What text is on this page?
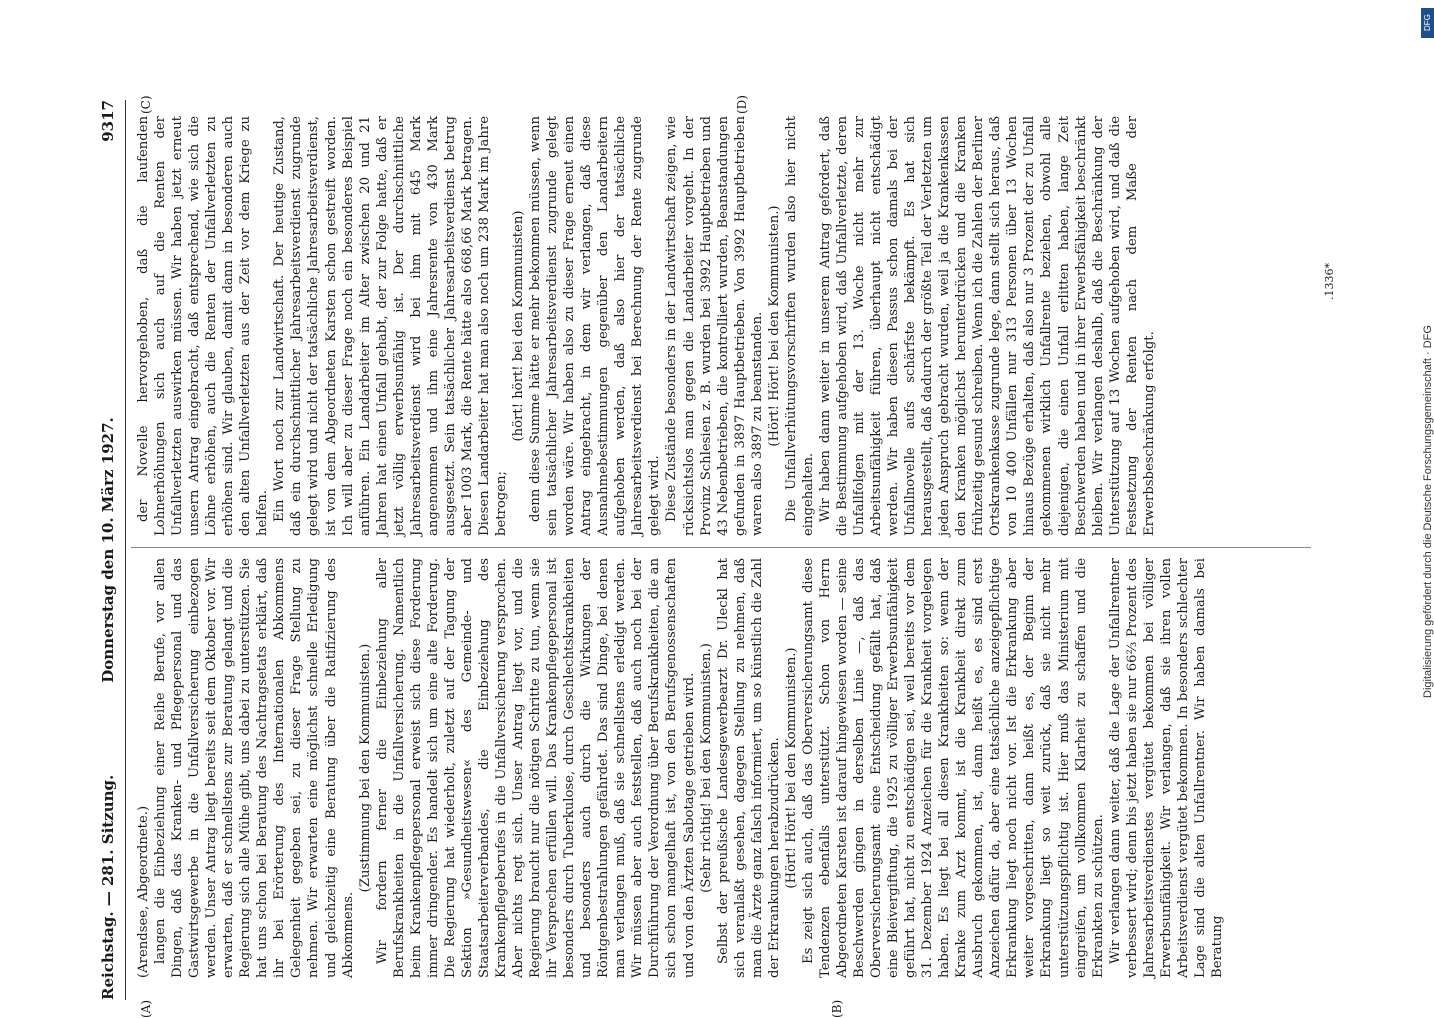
Reichstag. — 281. Sitzung.
Donnerstag den 10. März 1927.
9317
(A)	(B)
(C)	(D)

(Arendsee, Abgeordnete.) langen die Einbeziehung einer Reihe Berufe, vor allen Dingen, daß das Kranken- und Pflegepersonal und das Gastwirtsgewerbe in die Unfallversicherung einbezogen werden. Unser Antrag liegt bereits seit dem Oktober vor. Wir erwarten, daß er schnellstens zur Beratung gelangt und die Regierung sich alle Mühe gibt, uns dabei zu unterstützen. Sie hat uns schon bei Beratung des Nachtragsetats erklärt, daß ihr bei Erörterung des Internationalen Abkommens Gelegenheit gegeben sei, zu dieser Frage Stellung zu nehmen. Wir erwarten eine möglichst schnelle Erledigung und gleichzeitig eine Beratung über die Ratifizierung des Abkommens.

(Zustimmung bei den Kommunisten.) Wir fordern ferner die Einbeziehung aller Berufskrankheiten in die Unfallversicherung. Namentlich beim Krankenpflegepersonal erweist sich diese Forderung immer dringender. Es handelt sich um eine alte Forderung. Die Regierung hat wiederholt, zuletzt auf der Tagung der Sektion »Gesundheitswesen« des Gemeinde- und Staatsarbeiterverbandes, die Einbeziehung des Krankenpflegeberufes in die Unfallversicherung versprochen. Aber nichts regt sich. Unser Antrag liegt vor, und die Regierung braucht nur die nötigen Schritte zu tun, wenn sie ihr Versprechen erfüllen will. Das Krankenpflegepersonal ist besonders durch Tuberkulose, durch Geschlechtskrankheiten und besonders auch durch die Wirkungen der Röntgenbestrahlungen gefährdet. Das sind Dinge, bei denen man verlangen muß, daß sie schnellstens erledigt werden. Wir müssen aber auch feststellen, daß auch noch bei der Durchführung der Verordnung über Berufskrankheiten, die an sich schon mangelhaft ist, von den Berufsgenossenschaften und von den Ärzten Sabotage getrieben wird. (Sehr richtig! bei den Kommunisten.) Selbst der preußische Landesgewerbearzt Dr. Uleckl hat sich veranlaßt gesehen, dagegen Stellung zu nehmen, daß man die Ärzte ganz falsch informiert, um so künstlich die Zahl der Erkrankungen herabzudrücken. (Hört! Hört! bei den Kommunisten.) Es zeigt sich auch, daß das Oberversicherungsamt diese Tendenzen ebenfalls unterstützt. Schon von Herrn Abgeordneten Karsten ist darauf hingewiesen worden — seine Beschwerden gingen in derselben Linie —, daß das Oberversicherungsamt eine Entscheidung gefällt hat, daß eine Bleivergiftung, die 1925 zu völliger Erwerbsunfähigkeit geführt hat, nicht zu entschädigen sei, weil bereits vor dem 31. Dezember 1924 Anzeichen für die Krankheit vorgelegen haben. Es liegt bei all diesen Krankheiten so: wenn der Kranke zum Arzt kommt, ist die Krankheit direkt zum Ausbruch gekommen, ist, dann heißt es, es sind erst Anzeichen dafür da, aber eine tatsächliche anzeigepflichtige Erkrankung liegt noch nicht vor. Ist die Erkrankung aber weiter vorgeschritten, dann heißt es, der Beginn der Erkrankung liegt so weit zurück, daß sie nicht mehr unterstützungspflichtig ist. Hier muß das Ministerium mit eingreifen, um vollkommen Klarheit zu schaffen und die Erkrankten zu schützen. Wir verlangen dann weiter, daß die Lage der Unfallrentner verbessert wird; denn bis jetzt haben sie nur 66⅔ Prozent des Jahresarbeitsverdienstes vergütet bekommen bei völliger Erwerbsunfähigkeit. Wir verlangen, daß sie ihren vollen Arbeitsverdienst vergütet bekommen. In besonders schlechter Lage sind die alten Unfallrentner. Wir haben damals bei Beratung

der Novelle hervorgehoben, daß die laufenden Lohnerhöhungen sich auch auf die Renten der Unfallverletzten auswirken müssen. Wir haben jetzt erneut unsern Antrag eingebracht, daß entsprechend, wie sich die Löhne erhöhen, auch die Renten der Unfallverletzten zu erhöhen sind. Wir glauben, damit dann in besonderen auch den alten Unfallverletzten aus der Zeit vor dem Kriege zu helfen. Ein Wort noch zur Landwirtschaft. Der heutige Zustand, daß ein durchschnittlicher Jahresarbeitsverdienst zugrunde gelegt wird und nicht der tatsächliche Jahresarbeitsverdienst, ist von dem Abgeordneten Karsten schon gestreift worden. Ich will aber zu dieser Frage noch ein besonderes Beispiel anführen. Ein Landarbeiter im Alter zwischen 20 und 21 Jahren hat einen Unfall gehabt, der zur Folge hatte, daß er jetzt völlig erwerbsunfähig ist. Der durchschnittliche Jahresarbeitsverdienst wird bei ihm mit 645 Mark angenommen und ihm eine Jahresrente von 430 Mark ausgesetzt. Sein tatsächlicher Jahresarbeitsverdienst betrug aber 1003 Mark, die Rente hätte also 668,66 Mark betragen. Diesen Landarbeiter hat man also noch um 238 Mark im Jahre betrogen;

(hört! hört! bei den Kommunisten) denn diese Summe hätte er mehr bekommen müssen, wenn sein tatsächlicher Jahresarbeitsverdienst zugrunde gelegt worden wäre. Wir haben also zu dieser Frage erneut einen Antrag eingebracht, in dem wir verlangen, daß diese Ausnahmebestimmungen gegenüber den Landarbeitern aufgehoben werden, daß also hier der tatsächliche Jahresarbeitsverdienst bei Berechnung der Rente zugrunde gelegt wird. Diese Zustände besonders in der Landwirtschaft zeigen, wie rücksichtslos man gegen die Landarbeiter vorgeht. In der Provinz Schlesien z. B. wurden bei 3992 Hauptbetrieben und 43 Nebenbetrieben, die kontrolliert wurden, Beanstandungen gefunden in 3897 Hauptbetrieben. Von 3992 Hauptbetrieben waren also 3897 zu beanstanden. (Hört! Hört! bei den Kommunisten.) Die Unfallverhütungsvorschriften wurden also hier nicht eingehalten. Wir haben dann weiter in unserem Antrag gefordert, daß die Bestimmung aufgehoben wird, daß Unfallverletzte, deren Unfallfolgen mit der 13. Woche nicht mehr zur Arbeitsunfähigkeit führen, überhaupt nicht entschädigt werden. Wir haben diesen Passus schon damals bei der Unfallnovelle aufs schärfste bekämpft. Es hat sich herausgestellt, daß dadurch der größte Teil der Verletzten um jeden Anspruch gebracht wurden, weil ja die Krankenkassen den Kranken möglichst herunterdrücken und die Kranken frühzeitig gesund schreiben. Wenn ich die Zahlen der Berliner Ortskrankenkasse zugrunde lege, dann stellt sich heraus, daß von 10 400 Unfällen nur 313 Personen über 13 Wochen hinaus Bezüge erhalten, daß also nur 3 Prozent der zu Unfall gekommenen wirklich Unfallrente beziehen, obwohl alle diejenigen, die einen Unfall erlitten haben, lange Zeit Beschwerden haben und in ihrer Erwerbsfähigkeit beschränkt bleiben. Wir verlangen deshalb, daß die Beschränkung der Unterstützung auf 13 Wochen aufgehoben wird, und daß die Festsetzung der Renten nach dem Maße der Erwerbsbeschränkung erfolgt.

.1336*
Digitalisierung gefördert durch die Deutsche Forschungsgemeinschaft · DFG
DFG
